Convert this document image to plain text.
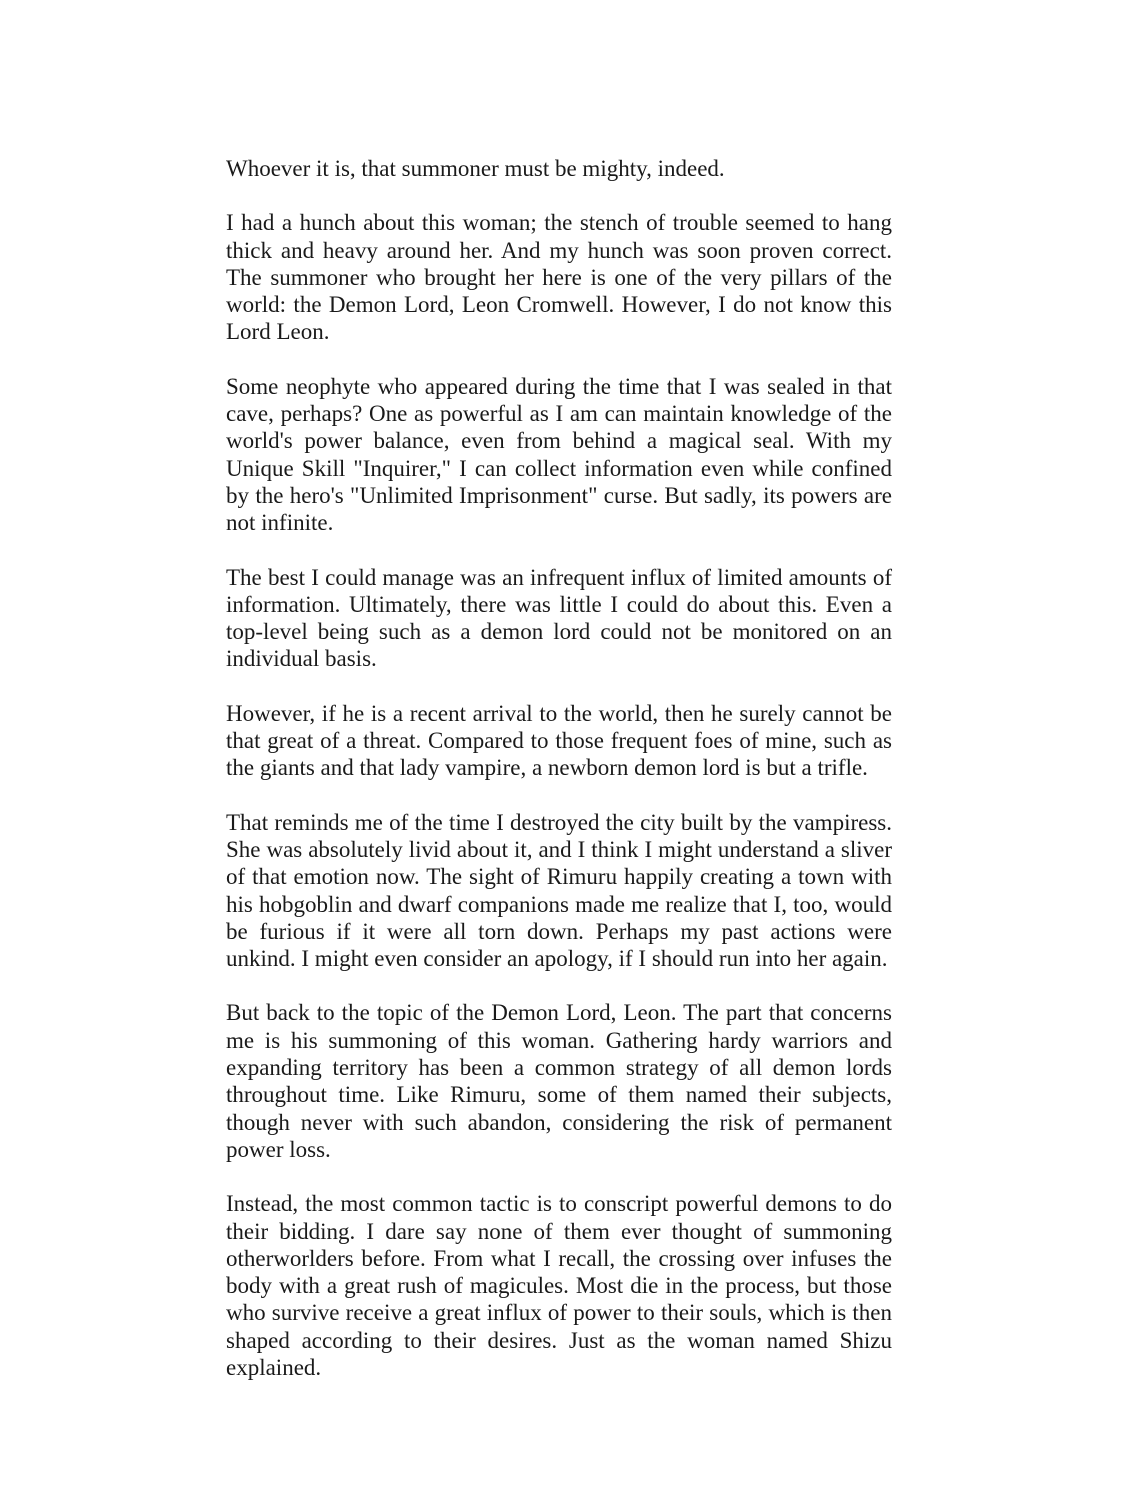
Whoever it is, that summoner must be mighty, indeed.

I had a hunch about this woman; the stench of trouble seemed to hang thick and heavy around her. And my hunch was soon proven correct. The summoner who brought her here is one of the very pillars of the world: the Demon Lord, Leon Cromwell. However, I do not know this Lord Leon.

Some neophyte who appeared during the time that I was sealed in that cave, perhaps? One as powerful as I am can maintain knowledge of the world's power balance, even from behind a magical seal. With my Unique Skill "Inquirer," I can collect information even while confined by the hero's "Unlimited Imprisonment" curse. But sadly, its powers are not infinite.

The best I could manage was an infrequent influx of limited amounts of information. Ultimately, there was little I could do about this. Even a top-level being such as a demon lord could not be monitored on an individual basis.

However, if he is a recent arrival to the world, then he surely cannot be that great of a threat. Compared to those frequent foes of mine, such as the giants and that lady vampire, a newborn demon lord is but a trifle.

That reminds me of the time I destroyed the city built by the vampiress. She was absolutely livid about it, and I think I might understand a sliver of that emotion now. The sight of Rimuru happily creating a town with his hobgoblin and dwarf companions made me realize that I, too, would be furious if it were all torn down. Perhaps my past actions were unkind. I might even consider an apology, if I should run into her again.

But back to the topic of the Demon Lord, Leon. The part that concerns me is his summoning of this woman. Gathering hardy warriors and expanding territory has been a common strategy of all demon lords throughout time. Like Rimuru, some of them named their subjects, though never with such abandon, considering the risk of permanent power loss.

Instead, the most common tactic is to conscript powerful demons to do their bidding. I dare say none of them ever thought of summoning otherworlders before. From what I recall, the crossing over infuses the body with a great rush of magicules. Most die in the process, but those who survive receive a great influx of power to their souls, which is then shaped according to their desires. Just as the woman named Shizu explained.
